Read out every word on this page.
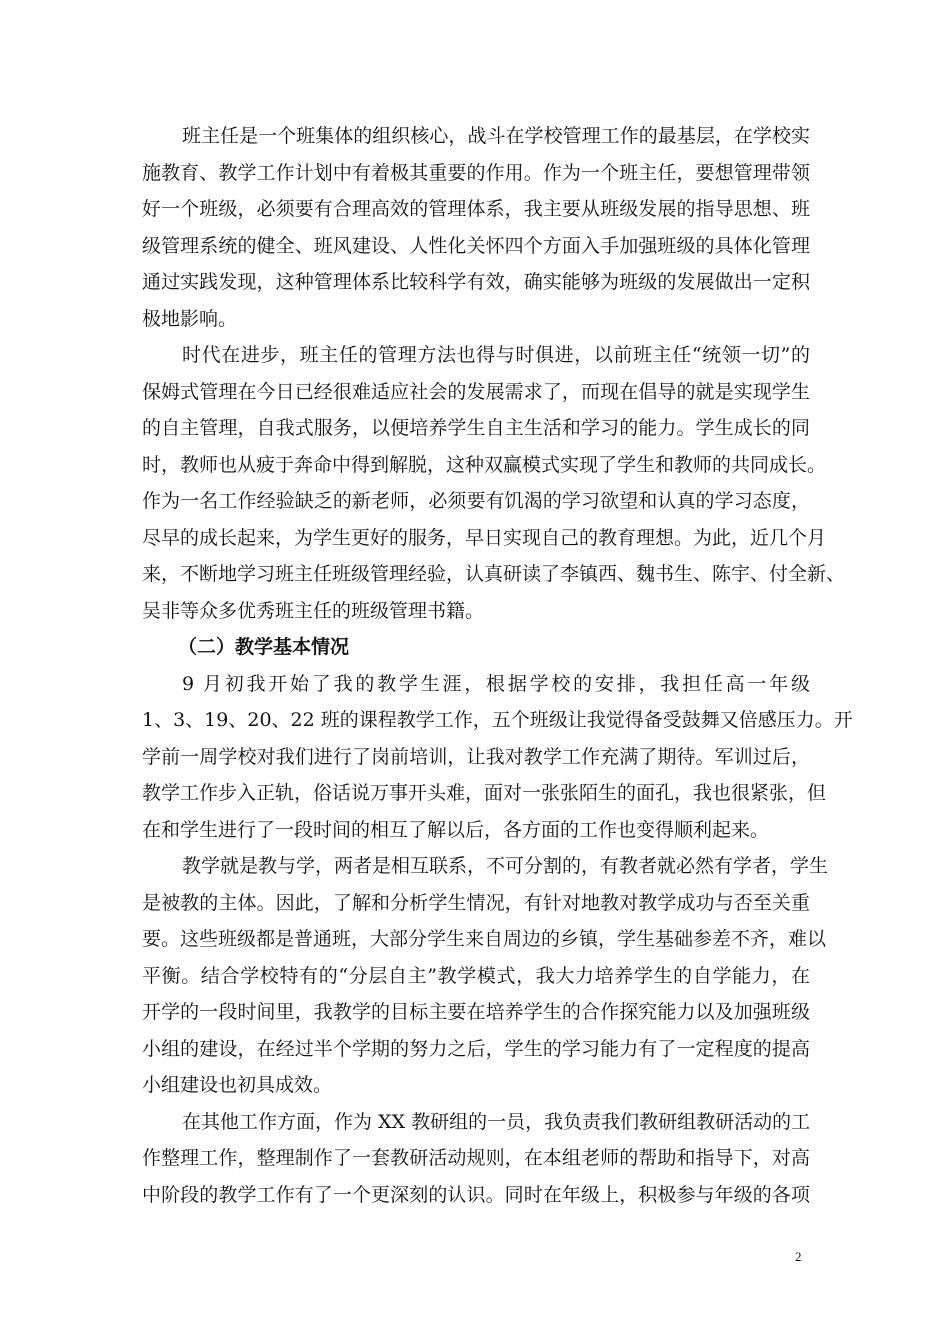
班主任是一个班集体的组织核心，战斗在学校管理工作的最基层，在学校实
施教育、教学工作计划中有着极其重要的作用。作为一个班主任，要想管理带领
好一个班级，必须要有合理高效的管理体系，我主要从班级发展的指导思想、班
级管理系统的健全、班风建设、人性化关怀四个方面入手加强班级的具体化管理
通过实践发现，这种管理体系比较科学有效，确实能够为班级的发展做出一定积
极地影响。
时代在进步，班主任的管理方法也得与时俱进，以前班主任“统领一切”的
保姆式管理在今日已经很难适应社会的发展需求了，而现在倡导的就是实现学生
的自主管理，自我式服务，以便培养学生自主生活和学习的能力。学生成长的同
时，教师也从疲于奔命中得到解脱，这种双赢模式实现了学生和教师的共同成长。
作为一名工作经验缺乏的新老师，必须要有饥渴的学习欲望和认真的学习态度，
尽早的成长起来，为学生更好的服务，早日实现自己的教育理想。为此，近几个月
来，不断地学习班主任班级管理经验，认真研读了李镇西、魏书生、陈宇、付全新、
吴非等众多优秀班主任的班级管理书籍。
（二）教学基本情况
9 月初我开始了我的教学生涯，根据学校的安排，我担任高一年级
1、3、19、20、22 班的课程教学工作，五个班级让我觉得备受鼓舞又倍感压力。开
学前一周学校对我们进行了岗前培训，让我对教学工作充满了期待。军训过后，
教学工作步入正轨，俗话说万事开头难，面对一张张陌生的面孔，我也很紧张，但
在和学生进行了一段时间的相互了解以后，各方面的工作也变得顺利起来。
教学就是教与学，两者是相互联系，不可分割的，有教者就必然有学者，学生
是被教的主体。因此，了解和分析学生情况，有针对地教对教学成功与否至关重
要。这些班级都是普通班，大部分学生来自周边的乡镇，学生基础参差不齐，难以
平衡。结合学校特有的“分层自主”教学模式，我大力培养学生的自学能力，在
开学的一段时间里，我教学的目标主要在培养学生的合作探究能力以及加强班级
小组的建设，在经过半个学期的努力之后，学生的学习能力有了一定程度的提高
小组建设也初具成效。
在其他工作方面，作为 XX 教研组的一员，我负责我们教研组教研活动的工
作整理工作，整理制作了一套教研活动规则，在本组老师的帮助和指导下，对高
中阶段的教学工作有了一个更深刻的认识。同时在年级上，积极参与年级的各项
2
